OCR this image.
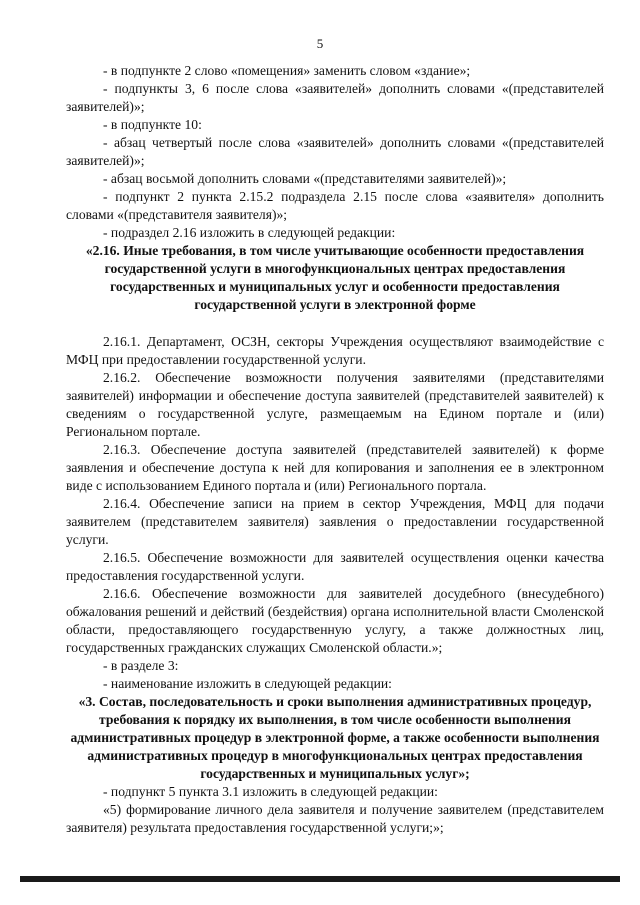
5

- в подпункте 2 слово «помещения» заменить словом «здание»;

- подпункты 3, 6 после слова «заявителей» дополнить словами «(представителей заявителей)»;

- в подпункте 10:

- абзац четвертый после слова «заявителей» дополнить словами «(представителей заявителей)»;

- абзац восьмой дополнить словами «(представителями заявителей)»;

- подпункт 2 пункта 2.15.2 подраздела 2.15 после слова «заявителя» дополнить словами «(представителя заявителя)»;

- подраздел 2.16 изложить в следующей редакции:

«2.16. Иные требования, в том числе учитывающие особенности предоставления государственной услуги в многофункциональных центрах предоставления государственных и муниципальных услуг и особенности предоставления государственной услуги в электронной форме

2.16.1. Департамент, ОСЗН, секторы Учреждения осуществляют взаимодействие с МФЦ при предоставлении государственной услуги.

2.16.2. Обеспечение возможности получения заявителями (представителями заявителей) информации и обеспечение доступа заявителей (представителей заявителей) к сведениям о государственной услуге, размещаемым на Едином портале и (или) Региональном портале.

2.16.3. Обеспечение доступа заявителей (представителей заявителей) к форме заявления и обеспечение доступа к ней для копирования и заполнения ее в электронном виде с использованием Единого портала и (или) Регионального портала.

2.16.4. Обеспечение записи на прием в сектор Учреждения, МФЦ для подачи заявителем (представителем заявителя) заявления о предоставлении государственной услуги.

2.16.5. Обеспечение возможности для заявителей осуществления оценки качества предоставления государственной услуги.

2.16.6. Обеспечение возможности для заявителей досудебного (внесудебного) обжалования решений и действий (бездействия) органа исполнительной власти Смоленской области, предоставляющего государственную услугу, а также должностных лиц, государственных гражданских служащих Смоленской области.»;

- в разделе 3:

- наименование изложить в следующей редакции:

«3. Состав, последовательность и сроки выполнения административных процедур, требования к порядку их выполнения, в том числе особенности выполнения административных процедур в электронной форме, а также особенности выполнения административных процедур в многофункциональных центрах предоставления государственных и муниципальных услуг»;

- подпункт 5 пункта 3.1 изложить в следующей редакции:

«5) формирование личного дела заявителя и получение заявителем (представителем заявителя) результата предоставления государственной услуги;»;
